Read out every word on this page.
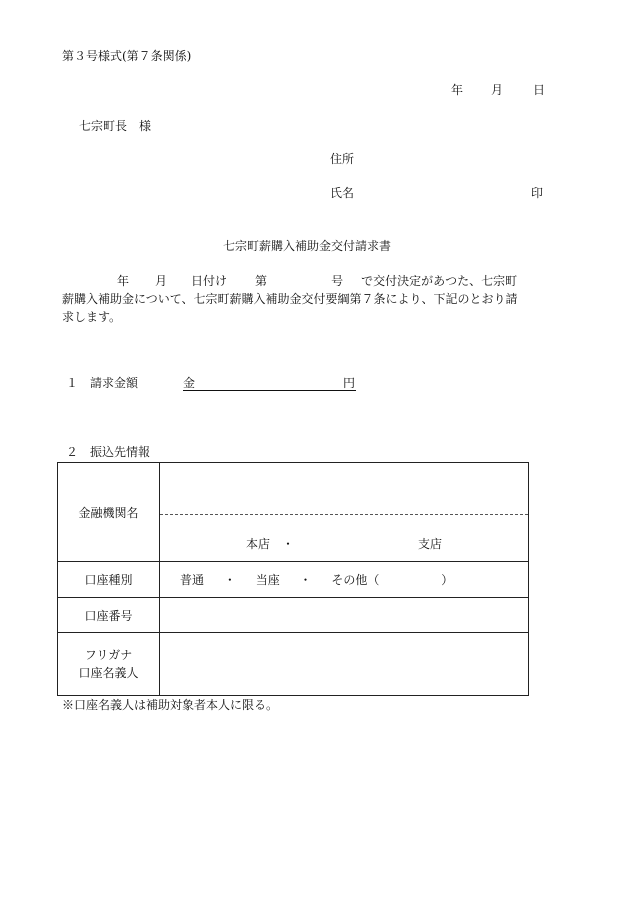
第３号様式(第７条関係)
年 月 日
七宗町長　様
住所
氏名	印
七宗町薪購入補助金交付請求書
年 月 日付け 第	号 で交付決定があつた、七宗町
薪購入補助金について、七宗町薪購入補助金交付要綱第７条により、下記のとおり請
求します。
１　請求金額	金	円
２　振込先情報
金融機関名	本店　・ 支店

口座種別	普通 ・ 当座 ・ その他（ ）
口座番号	

フリガナ
口座名義人	

※口座名義人は補助対象者本人に限る。
